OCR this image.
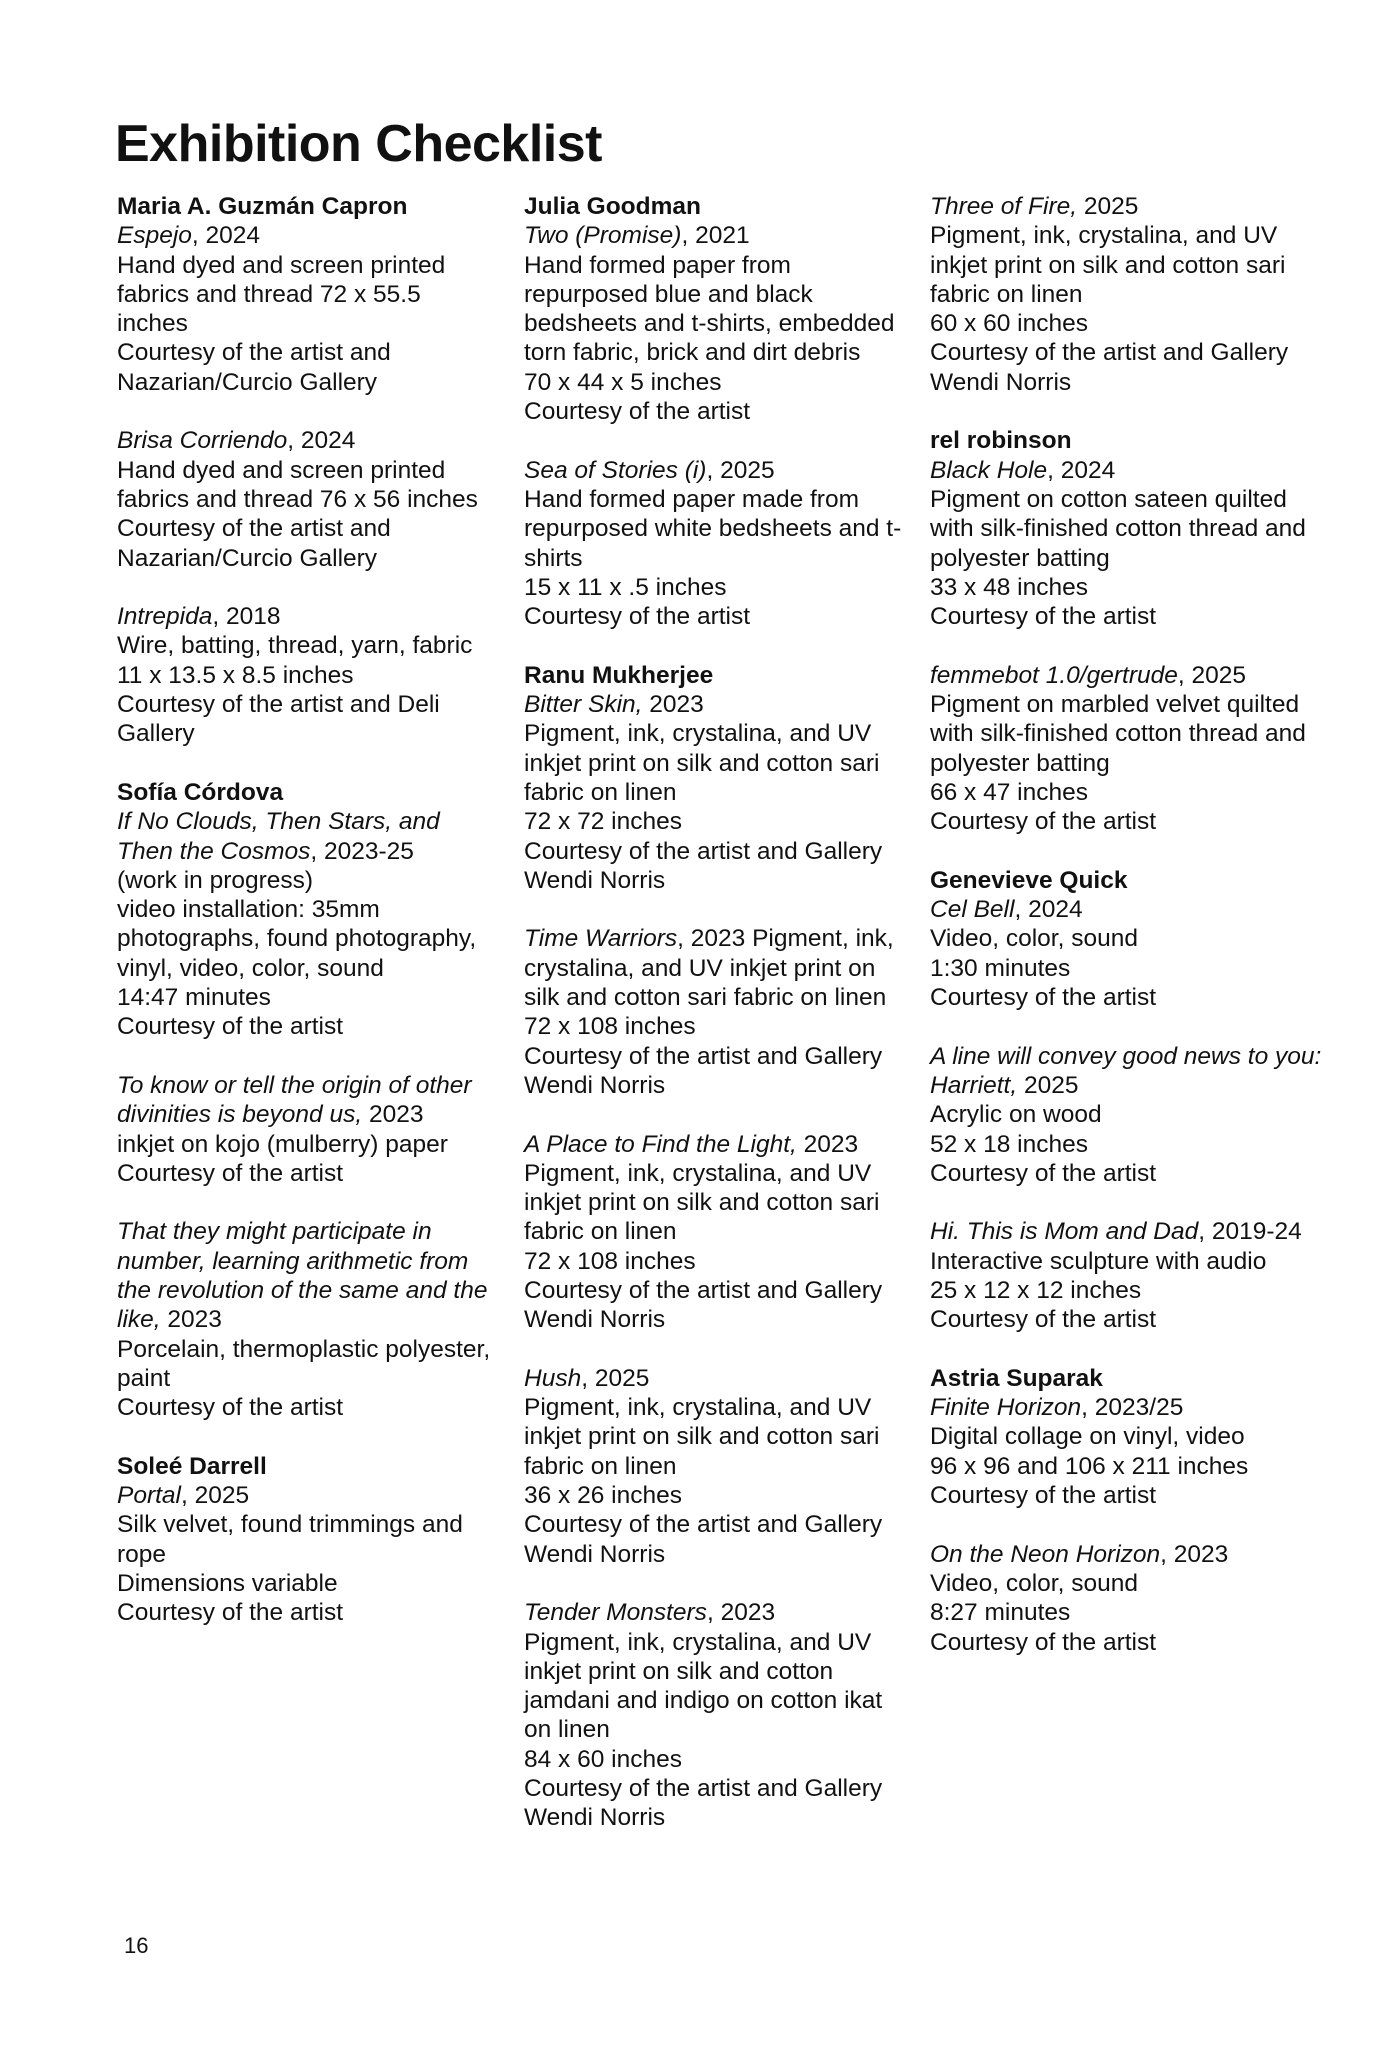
Exhibition Checklist
Maria A. Guzmán Capron
Espejo, 2024
Hand dyed and screen printed fabrics and thread 72 x 55.5 inches
Courtesy of the artist and Nazarian/Curcio Gallery
Brisa Corriendo, 2024
Hand dyed and screen printed fabrics and thread 76 x 56 inches
Courtesy of the artist and Nazarian/Curcio Gallery
Intrepida, 2018
Wire, batting, thread, yarn, fabric
11 x 13.5 x 8.5 inches
Courtesy of the artist and Deli Gallery
Sofía Córdova
If No Clouds, Then Stars, and Then the Cosmos, 2023-25
(work in progress)
video installation: 35mm photographs, found photography, vinyl, video, color, sound
14:47 minutes
Courtesy of the artist
To know or tell the origin of other divinities is beyond us, 2023
inkjet on kojo (mulberry) paper
Courtesy of the artist
That they might participate in number, learning arithmetic from the revolution of the same and the like, 2023
Porcelain, thermoplastic polyester, paint
Courtesy of the artist
Soleé Darrell
Portal, 2025
Silk velvet, found trimmings and rope
Dimensions variable
Courtesy of the artist
Julia Goodman
Two (Promise), 2021
Hand formed paper from repurposed blue and black bedsheets and t-shirts, embedded torn fabric, brick and dirt debris
70 x 44 x 5 inches
Courtesy of the artist
Sea of Stories (i), 2025
Hand formed paper made from repurposed white bedsheets and t-shirts
15 x 11 x .5 inches
Courtesy of the artist
Ranu Mukherjee
Bitter Skin, 2023
Pigment, ink, crystalina, and UV inkjet print on silk and cotton sari fabric on linen
72 x 72 inches
Courtesy of the artist and Gallery Wendi Norris
Time Warriors, 2023 Pigment, ink, crystalina, and UV inkjet print on silk and cotton sari fabric on linen
72 x 108 inches
Courtesy of the artist and Gallery Wendi Norris
A Place to Find the Light, 2023
Pigment, ink, crystalina, and UV inkjet print on silk and cotton sari fabric on linen
72 x 108 inches
Courtesy of the artist and Gallery Wendi Norris
Hush, 2025
Pigment, ink, crystalina, and UV inkjet print on silk and cotton sari fabric on linen
36 x 26 inches
Courtesy of the artist and Gallery Wendi Norris
Tender Monsters, 2023
Pigment, ink, crystalina, and UV inkjet print on silk and cotton jamdani and indigo on cotton ikat on linen
84 x 60 inches
Courtesy of the artist and Gallery Wendi Norris
Three of Fire, 2025
Pigment, ink, crystalina, and UV inkjet print on silk and cotton sari fabric on linen
60 x 60 inches
Courtesy of the artist and Gallery Wendi Norris
rel robinson
Black Hole, 2024
Pigment on cotton sateen quilted with silk-finished cotton thread and polyester batting
33 x 48 inches
Courtesy of the artist
femmebot 1.0/gertrude, 2025
Pigment on marbled velvet quilted with silk-finished cotton thread and polyester batting
66 x 47 inches
Courtesy of the artist
Genevieve Quick
Cel Bell, 2024
Video, color, sound
1:30 minutes
Courtesy of the artist
A line will convey good news to you: Harriett, 2025
Acrylic on wood
52 x 18 inches
Courtesy of the artist
Hi. This is Mom and Dad, 2019-24
Interactive sculpture with audio
25 x 12 x 12 inches
Courtesy of the artist
Astria Suparak
Finite Horizon, 2023/25
Digital collage on vinyl, video
96 x 96 and 106 x 211 inches
Courtesy of the artist
On the Neon Horizon, 2023
Video, color, sound
8:27 minutes
Courtesy of the artist
16
